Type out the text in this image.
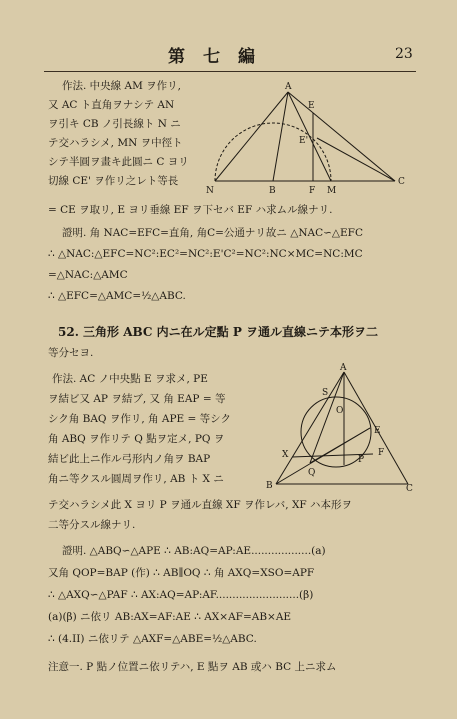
第七編	23
作法. 中央線 AM ヲ作リ,
又 AC ト直角ヲナシテ AN
ヲ引キ CB ノ引長線ト N ニ
テ交ハラシメ, MN ヲ中徑ト
シテ半圓ヲ畫キ此圓ニ C ヨリ
切線 CE' ヲ作リ之レト等長
= CE ヲ取リ, E ヨリ垂線 EF ヲ下セバ EF ハ求ムル線ナリ.
證明. 角 NAC=EFC=直角, 角C=公通ナリ故ニ △NAC∽△EFC
∴ △NAC:△EFC=NC²:EC²=NC²:E'C²=NC²:NC×MC=NC:MC
=△NAC:△AMC
∴ △EFC=△AMC=½△ABC.
52. 三角形 ABC 内ニ在ル定點 P ヲ通ル直線ニテ本形ヲ二
等分セヨ.
作法. AC ノ中央點 E ヲ求メ, PE
ヲ結ビ又 AP ヲ結ブ, 又 角 EAP = 等
シク角 BAQ ヲ作リ, 角 APE = 等シク
角 ABQ ヲ作リテ Q 點ヲ定メ, PQ ヲ
結ビ此上ニ作ル弓形内ノ角ヲ BAP
角ニ等クスル圓周ヲ作リ, AB ト X ニ
テ交ハラシメ此 X ヨリ P ヲ通ル直線 XF ヲ作レバ, XF ハ本形ヲ
二等分スル線ナリ.
證明. △ABQ∽△APE ∴ AB:AQ=AP:AE..................(a)
又角 QOP=BAP (作) ∴ AB∥OQ ∴ 角 AXQ=XSO=APF
∴ △AXQ∽△PAF ∴ AX:AQ=AP:AF.........................(β)
(a)(β) ニ依リ AB:AX=AF:AE ∴ AX×AF=AB×AE
∴ (4.II) ニ依リテ △AXF=△ABE=½△ABC.
注意一. P 點ノ位置ニ依リテハ, E 點ヲ AB 或ハ BC 上ニ求ム
A
E
E'
N	B	F M
C
A
S
O
P
E
F
X
Q
B	C
